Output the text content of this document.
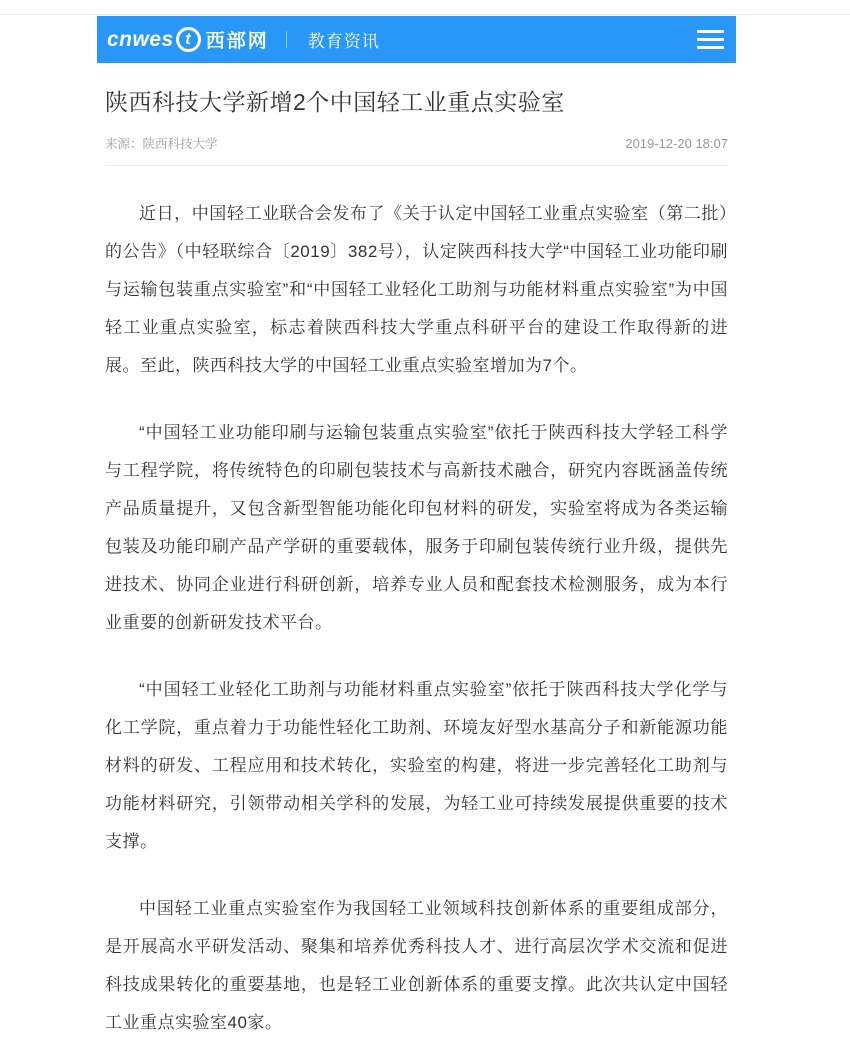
cnwes t 西部网 教育资讯
陕西科技大学新增2个中国轻工业重点实验室
来源：陕西科技大学	2019-12-20 18:07

近日，中国轻工业联合会发布了《关于认定中国轻工业重点实验室（第二批）的公告》（中轻联综合〔2019〕382号），认定陕西科技大学“中国轻工业功能印刷与运输包装重点实验室”和“中国轻工业轻化工助剂与功能材料重点实验室”为中国轻工业重点实验室，标志着陕西科技大学重点科研平台的建设工作取得新的进展。至此，陕西科技大学的中国轻工业重点实验室增加为7个。

“中国轻工业功能印刷与运输包装重点实验室”依托于陕西科技大学轻工科学与工程学院，将传统特色的印刷包装技术与高新技术融合，研究内容既涵盖传统产品质量提升，又包含新型智能功能化印包材料的研发，实验室将成为各类运输包装及功能印刷产品产学研的重要载体，服务于印刷包装传统行业升级，提供先进技术、协同企业进行科研创新，培养专业人员和配套技术检测服务，成为本行业重要的创新研发技术平台。

“中国轻工业轻化工助剂与功能材料重点实验室”依托于陕西科技大学化学与化工学院，重点着力于功能性轻化工助剂、环境友好型水基高分子和新能源功能材料的研发、工程应用和技术转化，实验室的构建，将进一步完善轻化工助剂与功能材料研究，引领带动相关学科的发展，为轻工业可持续发展提供重要的技术支撑。

中国轻工业重点实验室作为我国轻工业领域科技创新体系的重要组成部分，是开展高水平研发活动、聚集和培养优秀科技人才、进行高层次学术交流和促进科技成果转化的重要基地，也是轻工业创新体系的重要支撑。此次共认定中国轻工业重点实验室40家。
